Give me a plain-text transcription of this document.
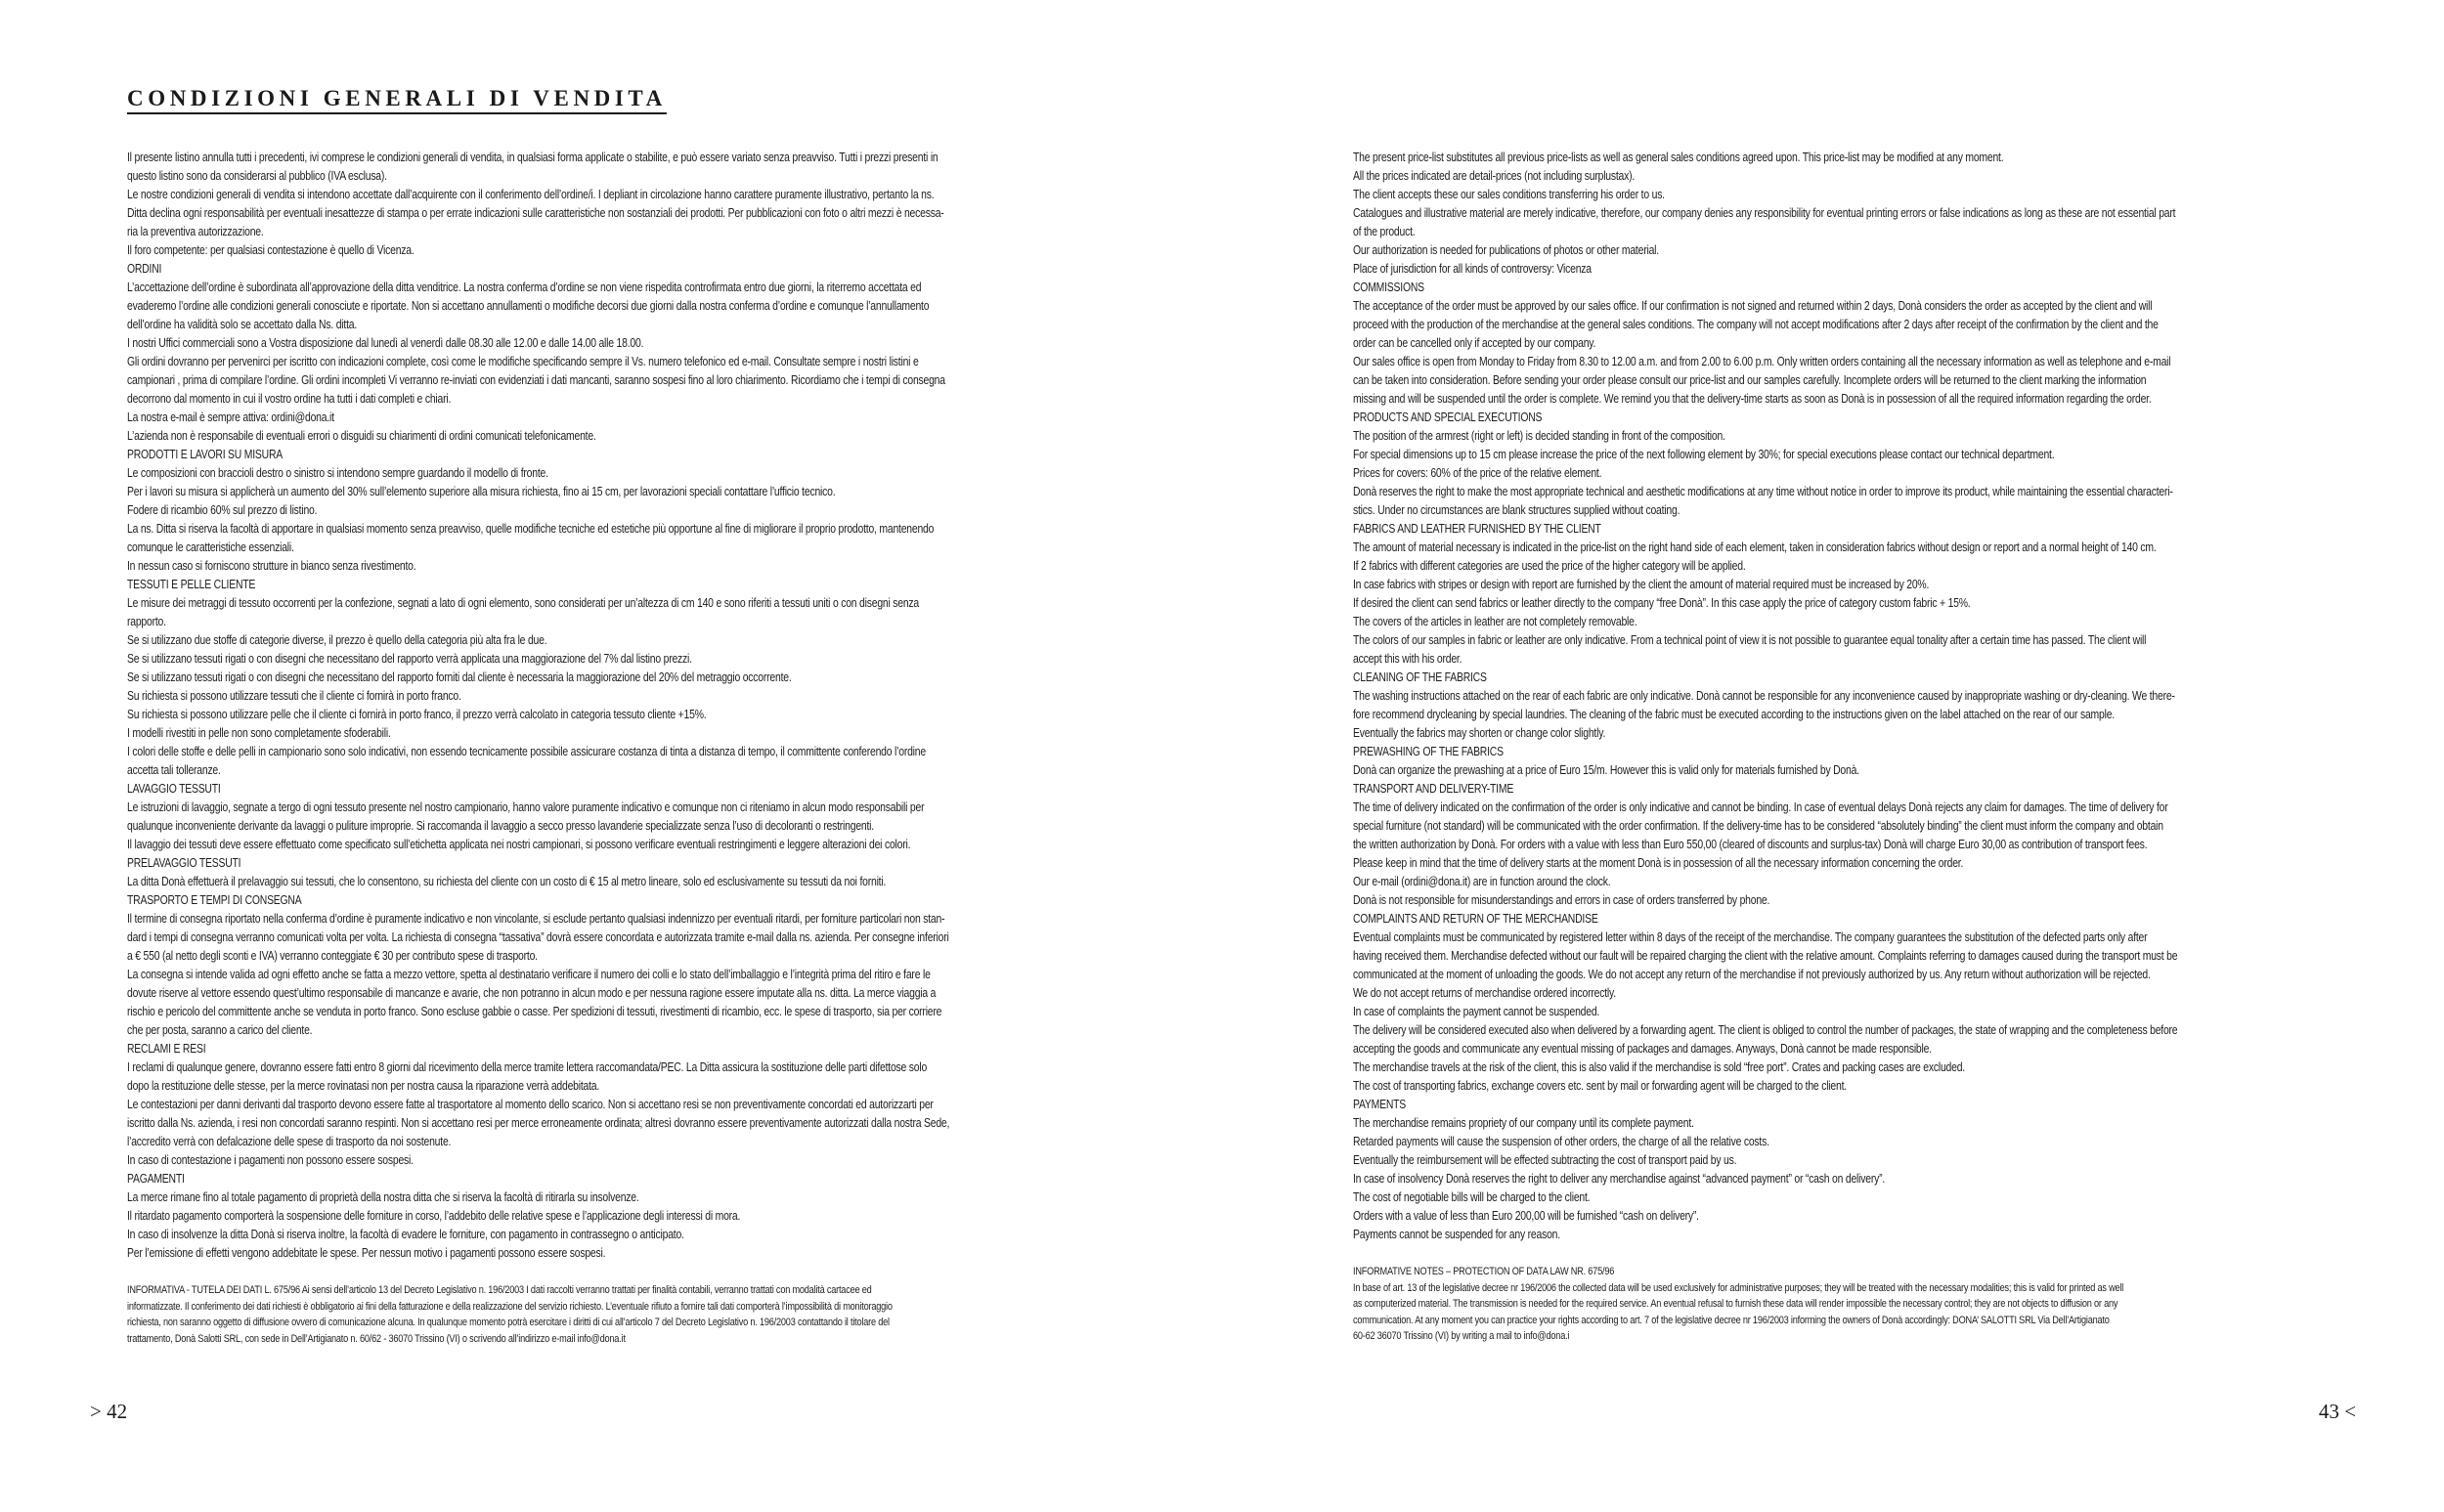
CONDIZIONI GENERALI DI VENDITA

Il presente listino annulla tutti i precedenti, ivi comprese le condizioni generali di vendita, in qualsiasi forma applicate o stabilite, e può essere variato senza preavviso. Tutti i prezzi presenti in

questo listino sono da considerarsi al pubblico (IVA esclusa).

Le nostre condizioni generali di vendita si intendono accettate dall’acquirente con il conferimento dell’ordine/i. I depliant in circolazione hanno carattere puramente illustrativo, pertanto la ns.

Ditta declina ogni responsabilità per eventuali inesattezze di stampa o per errate indicazioni sulle caratteristiche non sostanziali dei prodotti. Per pubblicazioni con foto o altri mezzi è necessa-

ria la preventiva autorizzazione.

Il foro competente: per qualsiasi contestazione è quello di Vicenza.

ORDINI

L’accettazione dell’ordine è subordinata all’approvazione della ditta venditrice. La nostra conferma d’ordine se non viene rispedita controfirmata entro due giorni, la riterremo accettata ed

evaderemo l’ordine alle condizioni generali conosciute e riportate. Non si accettano annullamenti o modifiche decorsi due giorni dalla nostra conferma d’ordine e comunque l’annullamento

dell’ordine ha validità solo se accettato dalla Ns. ditta.

I nostri Uffici commerciali sono a Vostra disposizione dal lunedì al venerdì dalle 08.30 alle 12.00 e dalle 14.00 alle 18.00.

Gli ordini dovranno per pervenirci per iscritto con indicazioni complete, così come le modifiche specificando sempre il Vs. numero telefonico ed e-mail. Consultate sempre i nostri listini e

campionari , prima di compilare l’ordine. Gli ordini incompleti Vi verranno re-inviati con evidenziati i dati mancanti, saranno sospesi fino al loro chiarimento. Ricordiamo che i tempi di consegna

decorrono dal momento in cui il vostro ordine ha tutti i dati completi e chiari.

La nostra e-mail è sempre attiva: ordini@dona.it

L’azienda non è responsabile di eventuali errori o disguidi su chiarimenti di ordini comunicati telefonicamente.

PRODOTTI E LAVORI SU MISURA

Le composizioni con braccioli destro o sinistro si intendono sempre guardando il modello di fronte.

Per i lavori su misura si applicherà un aumento del 30% sull’elemento superiore alla misura richiesta, fino ai 15 cm, per lavorazioni speciali contattare l’ufficio tecnico.

Fodere di ricambio 60% sul prezzo di listino.

La ns. Ditta si riserva la facoltà di apportare in qualsiasi momento senza preavviso, quelle modifiche tecniche ed estetiche più opportune al fine di migliorare il proprio prodotto, mantenendo

comunque le caratteristiche essenziali.

In nessun caso si forniscono strutture in bianco senza rivestimento.

TESSUTI E PELLE CLIENTE

Le misure dei metraggi di tessuto occorrenti per la confezione, segnati a lato di ogni elemento, sono considerati per un’altezza di cm 140 e sono riferiti a tessuti uniti o con disegni senza

rapporto.

Se si utilizzano due stoffe di categorie diverse, il prezzo è quello della categoria più alta fra le due.

Se si utilizzano tessuti rigati o con disegni che necessitano del rapporto verrà applicata una maggiorazione del 7% dal listino prezzi.

Se si utilizzano tessuti rigati o con disegni che necessitano del rapporto forniti dal cliente è necessaria la maggiorazione del 20% del metraggio occorrente.

Su richiesta si possono utilizzare tessuti che il cliente ci fornirà in porto franco.

Su richiesta si possono utilizzare pelle che il cliente ci fornirà in porto franco, il prezzo verrà calcolato in categoria tessuto cliente +15%.

I modelli rivestiti in pelle non sono completamente sfoderabili.

I colori delle stoffe e delle pelli in campionario sono solo indicativi, non essendo tecnicamente possibile assicurare costanza di tinta a distanza di tempo, il committente conferendo l’ordine

accetta tali tolleranze.

LAVAGGIO TESSUTI

Le istruzioni di lavaggio, segnate a tergo di ogni tessuto presente nel nostro campionario, hanno valore puramente indicativo e comunque non ci riteniamo in alcun modo responsabili per

qualunque inconveniente derivante da lavaggi o puliture improprie. Si raccomanda il lavaggio a secco presso lavanderie specializzate senza l’uso di decoloranti o restringenti.

Il lavaggio dei tessuti deve essere effettuato come specificato sull’etichetta applicata nei nostri campionari, si possono verificare eventuali restringimenti e leggere alterazioni dei colori.

PRELAVAGGIO TESSUTI

La ditta Donà effettuerà il prelavaggio sui tessuti, che lo consentono, su richiesta del cliente con un costo di € 15 al metro lineare, solo ed esclusivamente su tessuti da noi forniti.

TRASPORTO E TEMPI DI CONSEGNA

Il termine di consegna riportato nella conferma d’ordine è puramente indicativo e non vincolante, si esclude pertanto qualsiasi indennizzo per eventuali ritardi, per forniture particolari non stan-

dard i tempi di consegna verranno comunicati volta per volta. La richiesta di consegna “tassativa” dovrà essere concordata e autorizzata tramite e-mail dalla ns. azienda. Per consegne inferiori

a € 550 (al netto degli sconti e IVA) verranno conteggiate € 30 per contributo spese di trasporto.

La consegna si intende valida ad ogni effetto anche se fatta a mezzo vettore, spetta al destinatario verificare il numero dei colli e lo stato dell’imballaggio e l’integrità prima del ritiro e fare le

dovute riserve al vettore essendo quest’ultimo responsabile di mancanze e avarie, che non potranno in alcun modo e per nessuna ragione essere imputate alla ns. ditta. La merce viaggia a

rischio e pericolo del committente anche se venduta in porto franco. Sono escluse gabbie o casse. Per spedizioni di tessuti, rivestimenti di ricambio, ecc. le spese di trasporto, sia per corriere

che per posta, saranno a carico del cliente.

RECLAMI E RESI

I reclami di qualunque genere, dovranno essere fatti entro 8 giorni dal ricevimento della merce tramite lettera raccomandata/PEC. La Ditta assicura la sostituzione delle parti difettose solo

dopo la restituzione delle stesse, per la merce rovinatasi non per nostra causa la riparazione verrà addebitata.

Le contestazioni per danni derivanti dal trasporto devono essere fatte al trasportatore al momento dello scarico. Non si accettano resi se non preventivamente concordati ed autorizzarti per

iscritto dalla Ns. azienda, i resi non concordati saranno respinti. Non si accettano resi per merce erroneamente ordinata; altresì dovranno essere preventivamente autorizzati dalla nostra Sede,

l’accredito verrà con defalcazione delle spese di trasporto da noi sostenute.

In caso di contestazione i pagamenti non possono essere sospesi.

PAGAMENTI

La merce rimane fino al totale pagamento di proprietà della nostra ditta che si riserva la facoltà di ritirarla su insolvenze.

Il ritardato pagamento comporterà la sospensione delle forniture in corso, l’addebito delle relative spese e l’applicazione degli interessi di mora.

In caso di insolvenze la ditta Donà si riserva inoltre, la facoltà di evadere le forniture, con pagamento in contrassegno o anticipato.

Per l’emissione di effetti vengono addebitate le spese. Per nessun motivo i pagamenti possono essere sospesi.

INFORMATIVA - TUTELA DEI DATI L. 675/96 Ai sensi dell’articolo 13 del Decreto Legislativo n. 196/2003 I dati raccolti verranno trattati per finalità contabili, verranno trattati con modalità cartacee ed

informatizzate. Il conferimento dei dati richiesti è obbligatorio ai fini della fatturazione e della realizzazione del servizio richiesto. L’eventuale rifiuto a fornire tali dati comporterà l’impossibilità di monitoraggio

richiesta, non saranno oggetto di diffusione ovvero di comunicazione alcuna. In qualunque momento potrà esercitare i diritti di cui all’articolo 7 del Decreto Legislativo n. 196/2003 contattando il titolare del

trattamento, Donà Salotti SRL, con sede in Dell’Artigianato n. 60/62 - 36070 Trissino (VI) o scrivendo all’indirizzo e-mail info@dona.it

The present price-list substitutes all previous price-lists as well as general sales conditions agreed upon. This price-list may be modified at any moment.

All the prices indicated are detail-prices (not including surplustax).

The client accepts these our sales conditions transferring his order to us.

Catalogues and illustrative material are merely indicative, therefore, our company denies any responsibility for eventual printing errors or false indications as long as these are not essential part

of the product.

Our authorization is needed for publications of photos or other material.

Place of jurisdiction for all kinds of controversy: Vicenza

COMMISSIONS

The acceptance of the order must be approved by our sales office. If our confirmation is not signed and returned within 2 days, Donà considers the order as accepted by the client and will

proceed with the production of the merchandise at the general sales conditions. The company will not accept modifications after 2 days after receipt of the confirmation by the client and the

order can be cancelled only if accepted by our company.

Our sales office is open from Monday to Friday from 8.30 to 12.00 a.m. and from 2.00 to 6.00 p.m. Only written orders containing all the necessary information as well as telephone and e-mail

can be taken into consideration. Before sending your order please consult our price-list and our samples carefully. Incomplete orders will be returned to the client marking the information

missing and will be suspended until the order is complete. We remind you that the delivery-time starts as soon as Donà is in possession of all the required information regarding the order.

PRODUCTS AND SPECIAL EXECUTIONS

The position of the armrest (right or left) is decided standing in front of the composition.

For special dimensions up to 15 cm please increase the price of the next following element by 30%; for special executions please contact our technical department.

Prices for covers: 60% of the price of the relative element.

Donà reserves the right to make the most appropriate technical and aesthetic modifications at any time without notice in order to improve its product, while maintaining the essential characteri-

stics. Under no circumstances are blank structures supplied without coating.

FABRICS AND LEATHER FURNISHED BY THE CLIENT

The amount of material necessary is indicated in the price-list on the right hand side of each element, taken in consideration fabrics without design or report and a normal height of 140 cm.

If 2 fabrics with different categories are used the price of the higher category will be applied.

In case fabrics with stripes or design with report are furnished by the client the amount of material required must be increased by 20%.

If desired the client can send fabrics or leather directly to the company “free Donà”. In this case apply the price of category custom fabric + 15%.

The covers of the articles in leather are not completely removable.

The colors of our samples in fabric or leather are only indicative. From a technical point of view it is not possible to guarantee equal tonality after a certain time has passed. The client will

accept this with his order.

CLEANING OF THE FABRICS

The washing instructions attached on the rear of each fabric are only indicative. Donà cannot be responsible for any inconvenience caused by inappropriate washing or dry-cleaning. We there-

fore recommend drycleaning by special laundries. The cleaning of the fabric must be executed according to the instructions given on the label attached on the rear of our sample.

Eventually the fabrics may shorten or change color slightly.

PREWASHING OF THE FABRICS

Donà can organize the prewashing at a price of Euro 15/m. However this is valid only for materials furnished by Donà.

TRANSPORT AND DELIVERY-TIME

The time of delivery indicated on the confirmation of the order is only indicative and cannot be binding. In case of eventual delays Donà rejects any claim for damages. The time of delivery for

special furniture (not standard) will be communicated with the order confirmation. If the delivery-time has to be considered “absolutely binding” the client must inform the company and obtain

the written authorization by Donà. For orders with a value with less than Euro 550,00 (cleared of discounts and surplus-tax) Donà will charge Euro 30,00 as contribution of transport fees.

Please keep in mind that the time of delivery starts at the moment Donà is in possession of all the necessary information concerning the order.

Our e-mail (ordini@dona.it) are in function around the clock.

Donà is not responsible for misunderstandings and errors in case of orders transferred by phone.

COMPLAINTS AND RETURN OF THE MERCHANDISE

Eventual complaints must be communicated by registered letter within 8 days of the receipt of the merchandise. The company guarantees the substitution of the defected parts only after

having received them. Merchandise defected without our fault will be repaired charging the client with the relative amount. Complaints referring to damages caused during the transport must be

communicated at the moment of unloading the goods. We do not accept any return of the merchandise if not previously authorized by us. Any return without authorization will be rejected.

We do not accept returns of merchandise ordered incorrectly.

In case of complaints the payment cannot be suspended.

The delivery will be considered executed also when delivered by a forwarding agent. The client is obliged to control the number of packages, the state of wrapping and the completeness before

accepting the goods and communicate any eventual missing of packages and damages. Anyways, Donà cannot be made responsible.

The merchandise travels at the risk of the client, this is also valid if the merchandise is sold “free port”. Crates and packing cases are excluded.

The cost of transporting fabrics, exchange covers etc. sent by mail or forwarding agent will be charged to the client.

PAYMENTS

The merchandise remains propriety of our company until its complete payment.

Retarded payments will cause the suspension of other orders, the charge of all the relative costs.

Eventually the reimbursement will be effected subtracting the cost of transport paid by us.

In case of insolvency Donà reserves the right to deliver any merchandise against “advanced payment” or “cash on delivery”.

The cost of negotiable bills will be charged to the client.

Orders with a value of less than Euro 200,00 will be furnished “cash on delivery”.

Payments cannot be suspended for any reason.

INFORMATIVE NOTES – PROTECTION OF DATA LAW NR. 675/96

In base of art. 13 of the legislative decree nr 196/2006 the collected data will be used exclusively for administrative purposes; they will be treated with the necessary modalities; this is valid for printed as well

as computerized material. The transmission is needed for the required service. An eventual refusal to furnish these data will render impossible the necessary control; they are not objects to diffusion or any

communication. At any moment you can practice your rights according to art. 7 of the legislative decree nr 196/2003 informing the owners of Donà accordingly: DONA’ SALOTTI SRL Via Dell’Artigianato

60-62 36070 Trissino (VI) by writing a mail to info@dona.i

> 42	43 <
